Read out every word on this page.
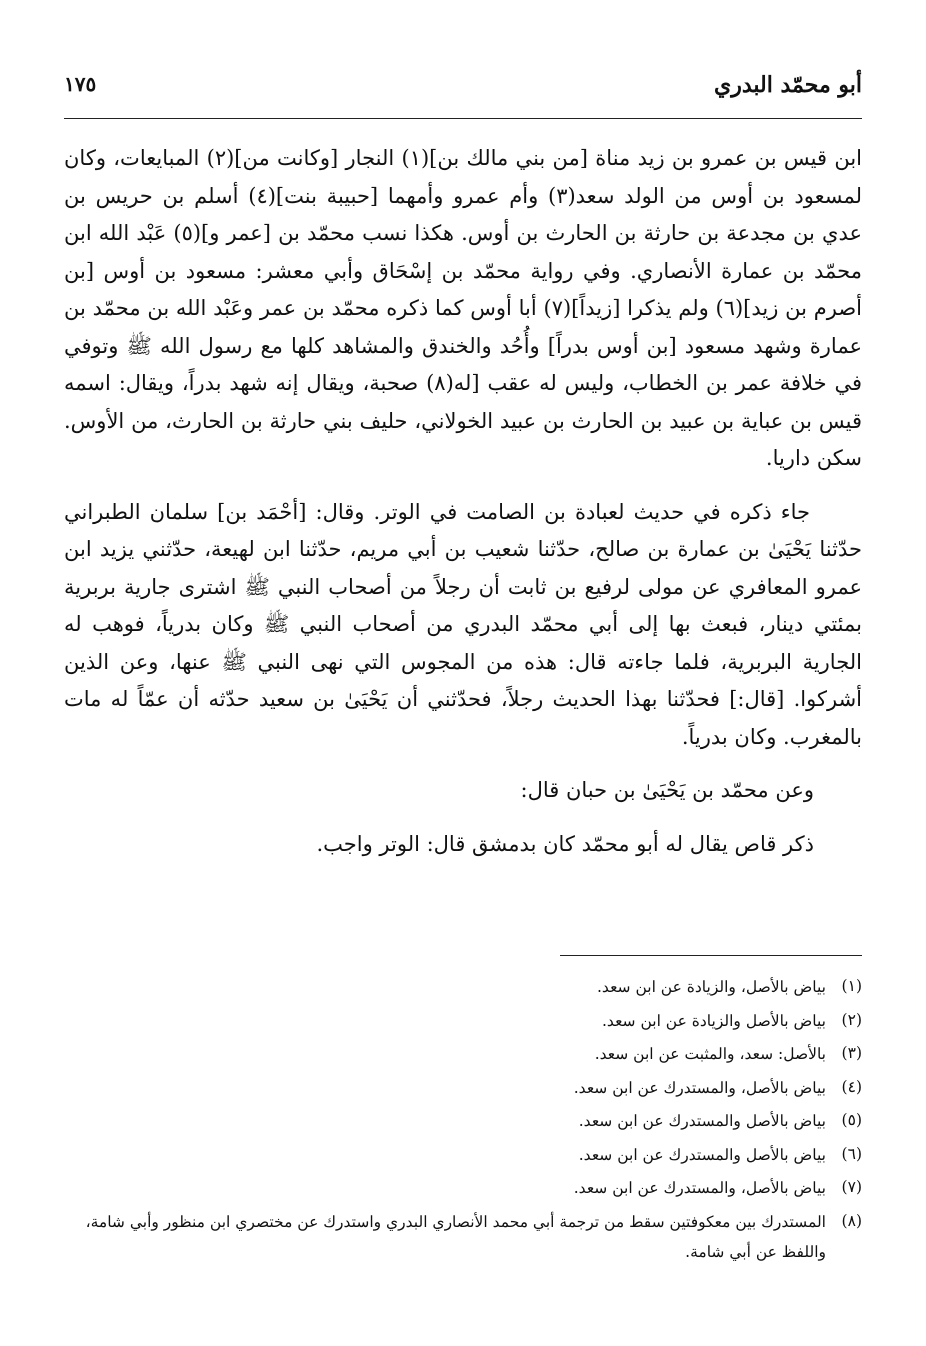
أبو محمّد البدري
١٧٥

ابن قيس بن عمرو بن زيد مناة [من بني مالك بن](١) النجار [وكانت من](٢) المبايعات، وكان لمسعود بن أوس من الولد سعد(٣) وأم عمرو وأمهما [حبيبة بنت](٤) أسلم بن حريس بن عدي بن مجدعة بن حارثة بن الحارث بن أوس. هكذا نسب محمّد بن [عمر و](٥) عَبْد الله ابن محمّد بن عمارة الأنصاري. وفي رواية محمّد بن إسْحَاق وأبي معشر: مسعود بن أوس [بن أصرم بن زيد](٦) ولم يذكرا [زيداً](٧) أبا أوس كما ذكره محمّد بن عمر وعَبْد الله بن محمّد بن عمارة وشهد مسعود [بن أوس بدراً] وأُحُد والخندق والمشاهد كلها مع رسول الله ﷺ وتوفي في خلافة عمر بن الخطاب، وليس له عقب [له(٨) صحبة، ويقال إنه شهد بدراً، ويقال: اسمه قيس بن عباية بن عبيد بن الحارث بن عبيد الخولاني، حليف بني حارثة بن الحارث، من الأوس. سكن داريا.

جاء ذكره في حديث لعبادة بن الصامت في الوتر. وقال: [أحْمَد بن] سلمان الطبراني حدّثنا يَحْيَىٰ بن عمارة بن صالح، حدّثنا شعيب بن أبي مريم، حدّثنا ابن لهيعة، حدّثني يزيد ابن عمرو المعافري عن مولى لرفيع بن ثابت أن رجلاً من أصحاب النبي ﷺ اشترى جارية بربرية بمئتي دينار، فبعث بها إلى أبي محمّد البدري من أصحاب النبي ﷺ وكان بدرياً، فوهب له الجارية البربرية، فلما جاءته قال: هذه من المجوس التي نهى النبي ﷺ عنها، وعن الذين أشركوا. [قال:] فحدّثنا بهذا الحديث رجلاً، فحدّثني أن يَحْيَىٰ بن سعيد حدّثه أن عمّاً له مات بالمغرب. وكان بدرياً.

وعن محمّد بن يَحْيَىٰ بن حبان قال:

ذكر قاص يقال له أبو محمّد كان بدمشق قال: الوتر واجب.

(١)
بياض بالأصل، والزيادة عن ابن سعد.
(٢)
بياض بالأصل والزيادة عن ابن سعد.
(٣)
بالأصل: سعد، والمثبت عن ابن سعد.
(٤)
بياض بالأصل، والمستدرك عن ابن سعد.
(٥)
بياض بالأصل والمستدرك عن ابن سعد.
(٦)
بياض بالأصل والمستدرك عن ابن سعد.
(٧)
بياض بالأصل، والمستدرك عن ابن سعد.
(٨)
المستدرك بين معكوفتين سقط من ترجمة أبي محمد الأنصاري البدري واستدرك عن مختصري ابن منظور وأبي شامة، واللفظ عن أبي شامة.
